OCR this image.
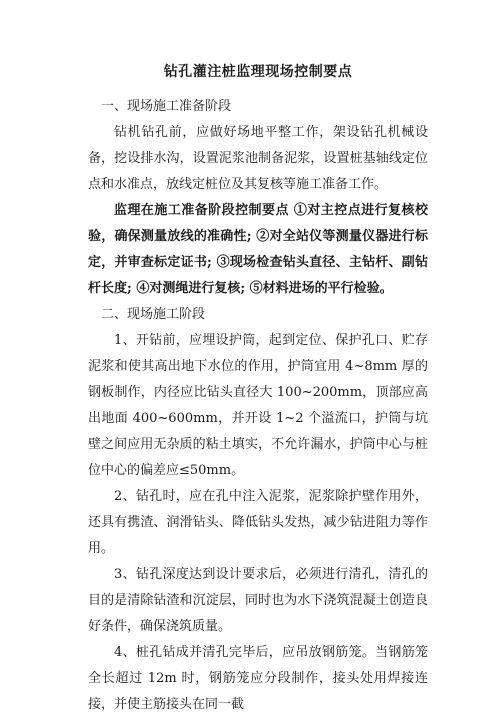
钻孔灌注桩监理现场控制要点

一、现场施工准备阶段

钻机钻孔前，应做好场地平整工作，架设钻孔机械设备，挖设排水沟，设置泥浆池制备泥浆，设置桩基轴线定位点和水准点，放线定桩位及其复核等施工准备工作。

监理在施工准备阶段控制要点 ①对主控点进行复核校验，确保测量放线的准确性; ②对全站仪等测量仪器进行标定，并审查标定证书; ③现场检查钻头直径、主钻杆、副钻杆长度; ④对测绳进行复核; ⑤材料进场的平行检验。

二、现场施工阶段

1、开钻前，应埋设护筒，起到定位、保护孔口、贮存泥浆和使其高出地下水位的作用，护筒宜用 4~8mm 厚的钢板制作，内径应比钻头直径大 100~200mm，顶部应高出地面 400~600mm，并开设 1~2 个溢流口，护筒与坑壁之间应用无杂质的粘土填实，不允许漏水，护筒中心与桩位中心的偏差应≤50mm。

2、钻孔时，应在孔中注入泥浆，泥浆除护壁作用外，还具有携渣、润滑钻头、降低钻头发热，减少钻进阻力等作用。

3、钻孔深度达到设计要求后，必须进行清孔，清孔的目的是清除钻渣和沉淀层，同时也为水下浇筑混凝土创造良好条件，确保浇筑质量。

4、桩孔钻成并清孔完毕后，应吊放钢筋笼。当钢筋笼全长超过 12m 时，钢筋笼应分段制作，接头处用焊接连接，并使主筋接头在同一截
